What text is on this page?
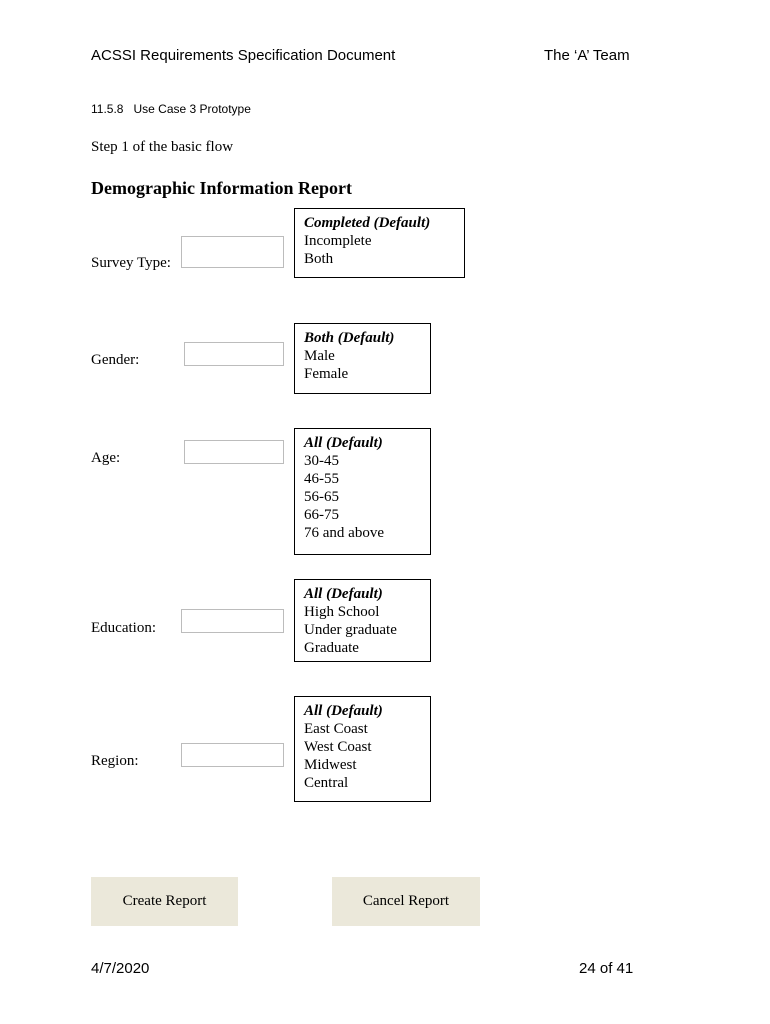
ACSSI Requirements Specification Document	The ‘A’ Team
11.5.8 Use Case 3 Prototype
Step 1 of the basic flow
Demographic Information Report
Survey Type:
Completed (Default)
Incomplete
Both
Gender:
Both (Default)
Male
Female
Age:
All (Default)
30-45
46-55
56-65
66-75
76 and above
Education:
All (Default)
High School
Under graduate
Graduate
Region:
All (Default)
East Coast
West Coast
Midwest
Central
Create Report	Cancel Report
4/7/2020	24 of 41
